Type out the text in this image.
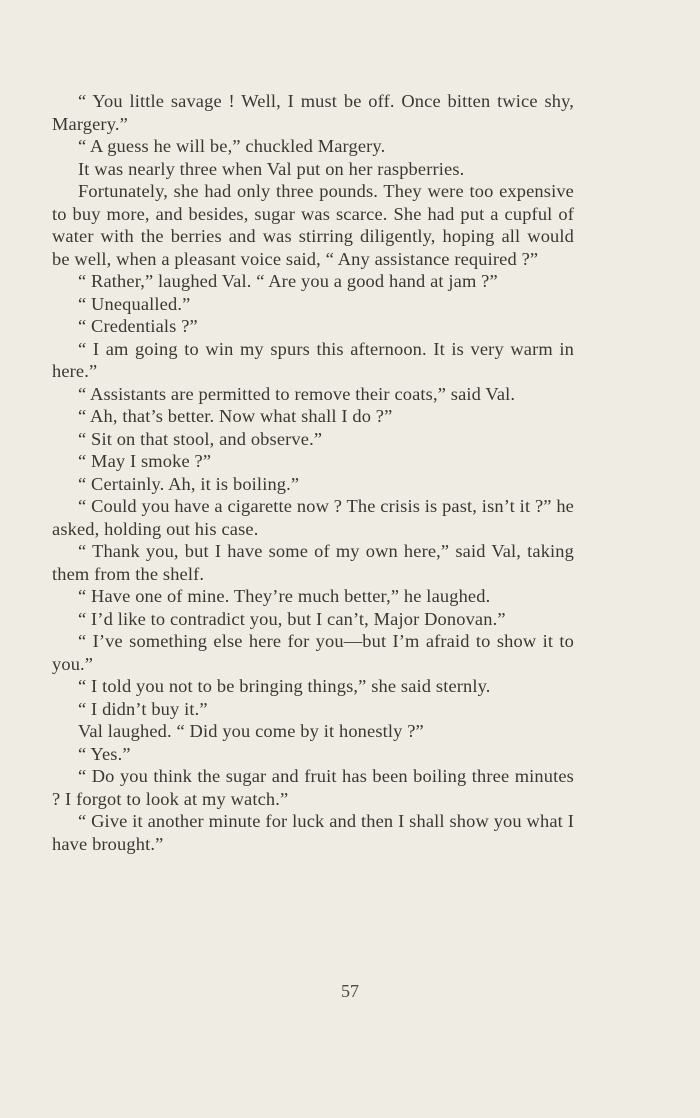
“ You little savage ! Well, I must be off. Once bitten twice shy, Margery.”

“ A guess he will be,” chuckled Margery.

It was nearly three when Val put on her raspberries.

Fortunately, she had only three pounds. They were too expensive to buy more, and besides, sugar was scarce. She had put a cupful of water with the berries and was stirring diligently, hoping all would be well, when a pleasant voice said, “ Any assistance required ?”

“ Rather,” laughed Val. “ Are you a good hand at jam ?”

“ Unequalled.”

“ Credentials ?”

“ I am going to win my spurs this afternoon. It is very warm in here.”

“ Assistants are permitted to remove their coats,” said Val.

“ Ah, that’s better. Now what shall I do ?”

“ Sit on that stool, and observe.”

“ May I smoke ?”

“ Certainly. Ah, it is boiling.”

“ Could you have a cigarette now ? The crisis is past, isn’t it ?” he asked, holding out his case.

“ Thank you, but I have some of my own here,” said Val, taking them from the shelf.

“ Have one of mine. They’re much better,” he laughed.

“ I’d like to contradict you, but I can’t, Major Donovan.”

“ I’ve something else here for you—but I’m afraid to show it to you.”

“ I told you not to be bringing things,” she said sternly.

“ I didn’t buy it.”

Val laughed. “ Did you come by it honestly ?”

“ Yes.”

“ Do you think the sugar and fruit has been boiling three minutes ? I forgot to look at my watch.”

“ Give it another minute for luck and then I shall show you what I have brought.”

57
